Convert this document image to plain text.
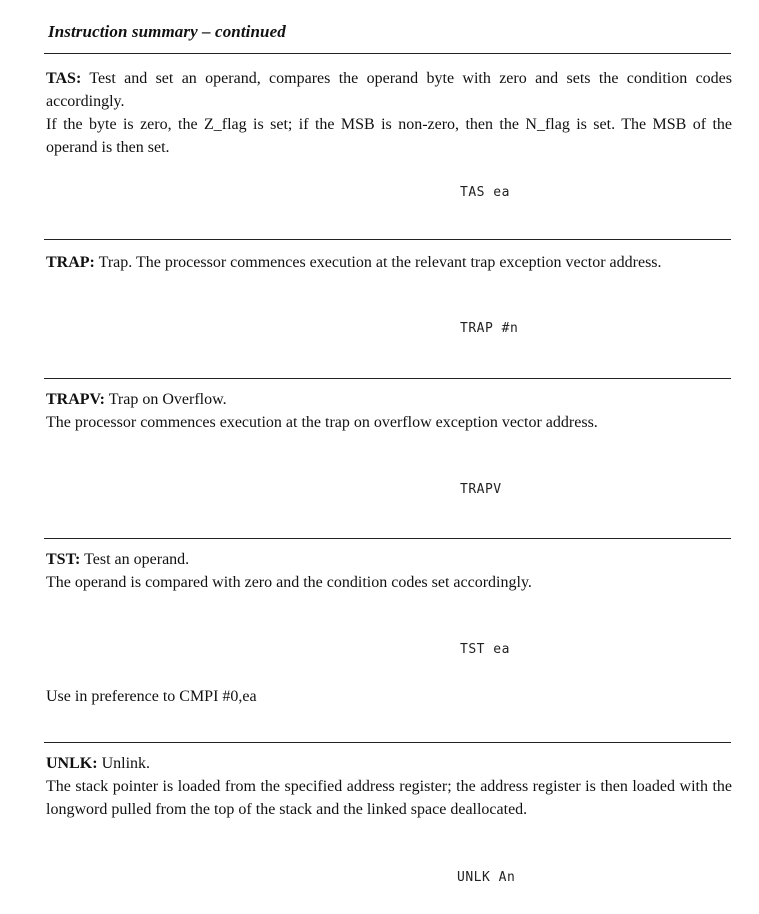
Instruction summary – continued
TAS: Test and set an operand, compares the operand byte with zero and sets the condition codes accordingly.
If the byte is zero, the Z_flag is set; if the MSB is non-zero, then the N_flag is set. The MSB of the operand is then set.
TAS ea
TRAP: Trap. The processor commences execution at the relevant trap exception vector address.
TRAP #n
TRAPV: Trap on Overflow.
The processor commences execution at the trap on overflow exception vector address.
TRAPV
TST: Test an operand.
The operand is compared with zero and the condition codes set accordingly.
TST ea
Use in preference to CMPI #0,ea
UNLK: Unlink.
The stack pointer is loaded from the specified address register; the address register is then loaded with the longword pulled from the top of the stack and the linked space deallocated.
UNLK An
